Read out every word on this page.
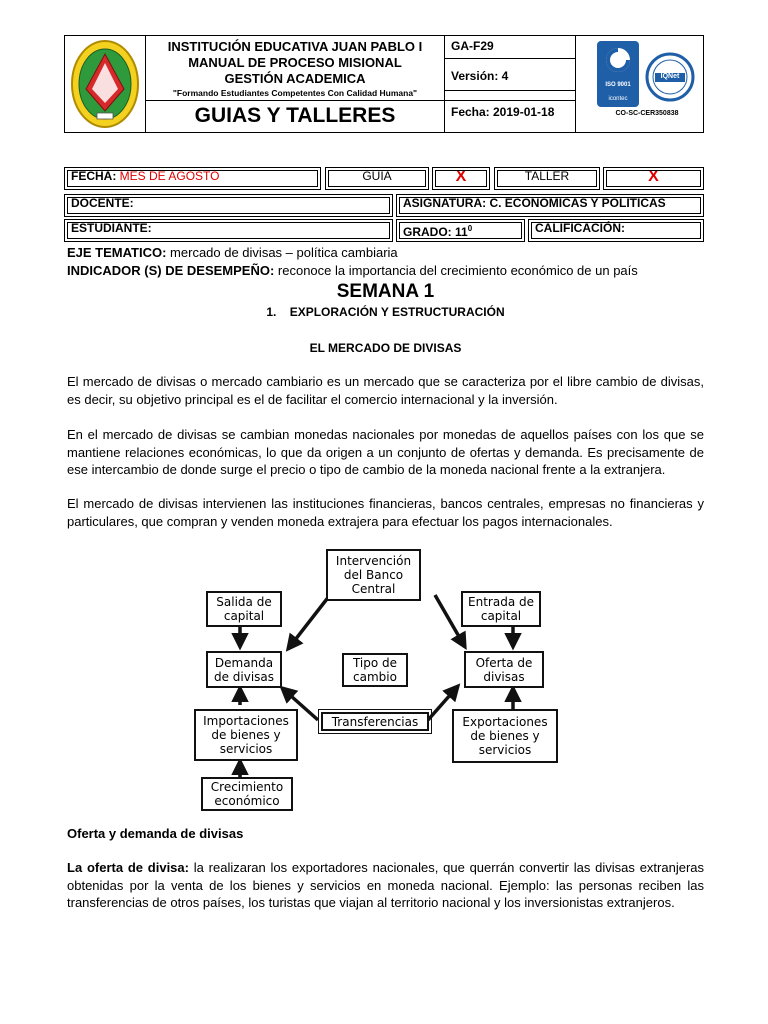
INSTITUCIÓN EDUCATIVA JUAN PABLO I
MANUAL DE PROCESO MISIONAL
GESTIÓN ACADEMICA
"Formando Estudiantes Competentes Con Calidad Humana"
GUIAS Y TALLERES
GA-F29
Versión: 4
Fecha: 2019-01-18
ISO 9001
icontec
IQNet
CO-SC-CER350838
FECHA: MES DE AGOSTO	GUIA	X	TALLER	X
DOCENTE:	ASIGNATURA: C. ECONOMICAS Y POLITICAS
ESTUDIANTE:	GRADO: $11^0$	CALIFICACIÓN:
EJE TEMATICO: mercado de divisas – política cambiaria
INDICADOR (S) DE DESEMPEÑO: reconoce la importancia del crecimiento económico de un país
SEMANA 1
1. EXPLORACIÓN Y ESTRUCTURACIÓN
EL MERCADO DE DIVISAS
El mercado de divisas o mercado cambiario es un mercado que se caracteriza por el libre cambio de divisas, es decir, su objetivo principal es el de facilitar el comercio internacional y la inversión.
En el mercado de divisas se cambian monedas nacionales por monedas de aquellos países con los que se mantiene relaciones económicas, lo que da origen a un conjunto de ofertas y demanda. Es precisamente de ese intercambio de donde surge el precio o tipo de cambio de la moneda nacional frente a la extranjera.
El mercado de divisas intervienen las instituciones financieras, bancos centrales, empresas no financieras y particulares, que compran y venden moneda extrajera para efectuar los pagos internacionales.
Intervención del Banco Central
Salida de capital
Entrada de capital
Demanda de divisas
Tipo de cambio
Oferta de divisas
Importaciones de bienes y servicios
Transferencias	Exportaciones de bienes y servicios
Crecimiento económico
Oferta y demanda de divisas
La oferta de divisa: la realizaran los exportadores nacionales, que querrán convertir las divisas extranjeras obtenidas por la venta de los bienes y servicios en moneda nacional. Ejemplo: las personas reciben las transferencias de otros países, los turistas que viajan al territorio nacional y los inversionistas extranjeros.
